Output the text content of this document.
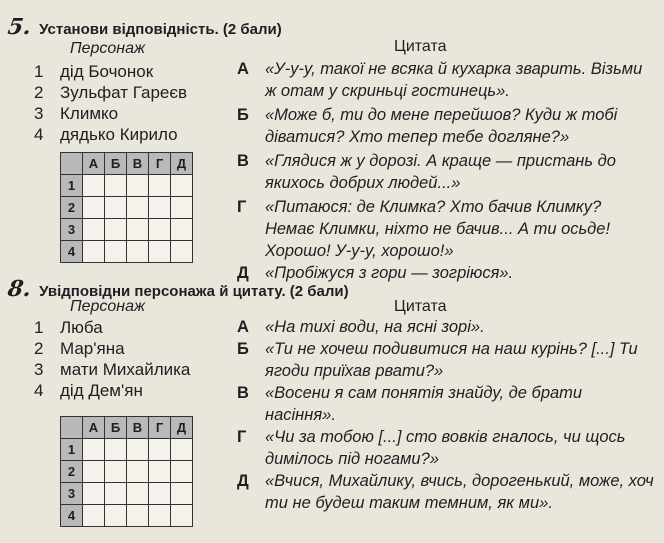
5. Установи відповідність. (2 бали)
Персонаж	Цитата
1 дід Бочонок
2 Зульфат Гареєв
3 Климко
4 дядько Кирило
	А	Б	В	Г	Д
1					
2					
3					
4					
А «У-у-у, такої не всяка й кухарка зварить. Візьми ж отам у скриньці гостинець».
Б «Може б, ти до мене перейшов? Куди ж тобі діватися? Хто тепер тебе догляне?»
В «Глядися ж у дорозі. А краще — пристань до якихось добрих людей...»
Г	«Питаюся: де Климка? Хто бачив Климку? Немає Климки, ніхто не бачив... А ти осьде! Хорошо! У-у-у, хорошо!»
Д «Пробіжуся з гори — зогріюся».
8. Увідповідни персонажа й цитату. (2 бали)
Персонаж	Цитата
1 Люба
2 Мар'яна
3 мати Михайлика
4 дід Дем'ян
	А	Б	В	Г	Д
1					
2					
3					
4					
А «На тихі води, на ясні зорі».
Б «Ти не хочеш подивитися на наш курінь? [...] Ти ягоди приїхав рвати?»
В «Восени я сам понятія знайду, де брати насіння».
Г	«Чи за тобою [...] сто вовків гналось, чи щось димілось під ногами?»
Д «Вчися, Михайлику, вчись, дорогенький, може, хоч ти не будеш таким темним, як ми».
